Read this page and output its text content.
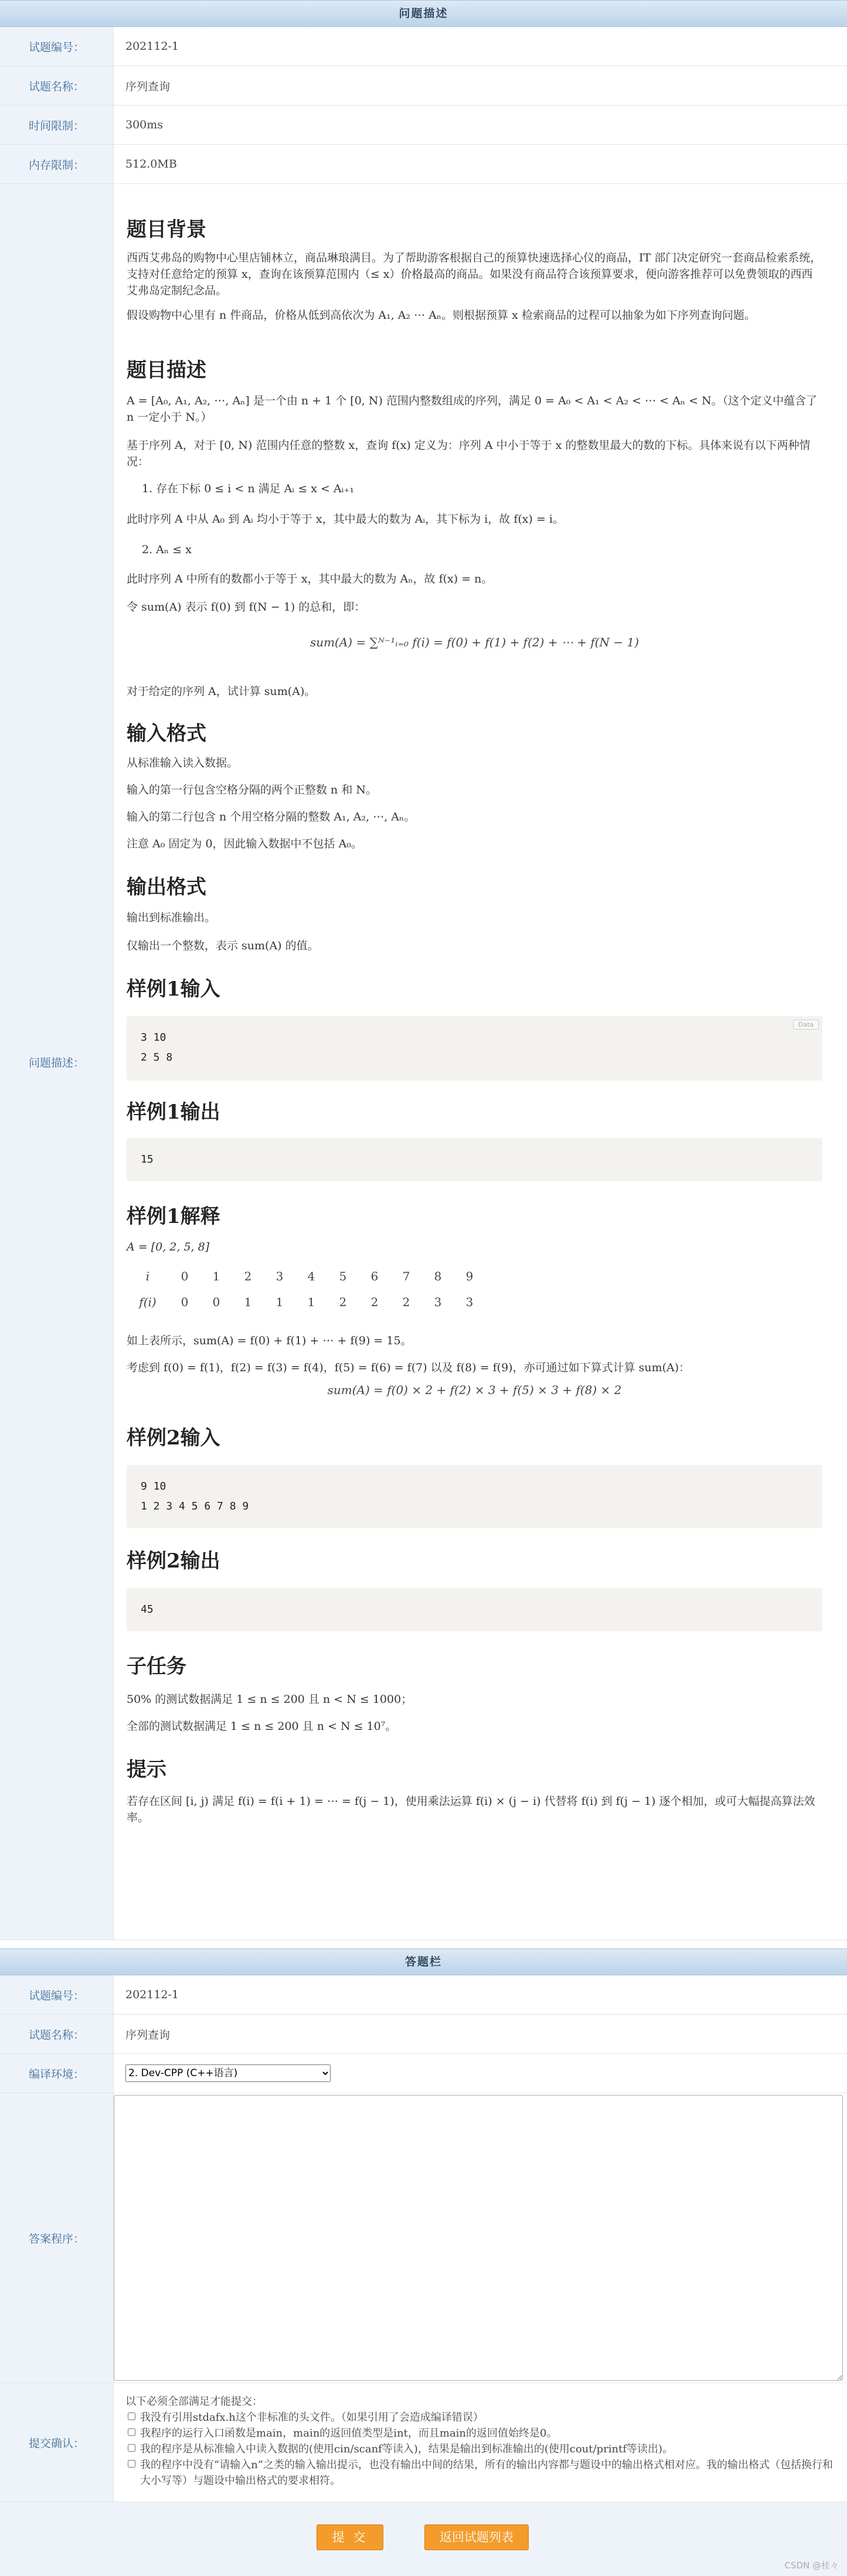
问题描述
试题编号：	202112-1
试题名称：	序列查询
时间限制：	300ms
内存限制：	512.0MB
问题描述：
题目背景
西西艾弗岛的购物中心里店铺林立，商品琳琅满目。为了帮助游客根据自己的预算快速选择心仪的商品，IT 部门决定研究一套商品检索系统，支持对任意给定的预算 x，查询在该预算范围内（≤ x）价格最高的商品。如果没有商品符合该预算要求，便向游客推荐可以免费领取的西西艾弗岛定制纪念品。
假设购物中心里有 n 件商品，价格从低到高依次为 A₁, A₂ ⋯ Aₙ。则根据预算 x 检索商品的过程可以抽象为如下序列查询问题。
题目描述
A = [A₀, A₁, A₂, ⋯, Aₙ] 是一个由 n + 1 个 [0, N) 范围内整数组成的序列，满足 0 = A₀ < A₁ < A₂ < ⋯ < Aₙ < N。（这个定义中蕴含了 n 一定小于 N。）
基于序列 A，对于 [0, N) 范围内任意的整数 x，查询 f(x) 定义为：序列 A 中小于等于 x 的整数里最大的数的下标。具体来说有以下两种情况：
1. 存在下标 0 ≤ i < n 满足 Aᵢ ≤ x < Aᵢ₊₁
此时序列 A 中从 A₀ 到 Aᵢ 均小于等于 x，其中最大的数为 Aᵢ，其下标为 i，故 f(x) = i。
2. Aₙ ≤ x
此时序列 A 中所有的数都小于等于 x，其中最大的数为 Aₙ，故 f(x) = n。
令 sum(A) 表示 f(0) 到 f(N − 1) 的总和，即：
sum(A) = ∑ᴺ⁻¹ᵢ₌₀ f(i) = f(0) + f(1) + f(2) + ⋯ + f(N − 1)
对于给定的序列 A，试计算 sum(A)。
输入格式
从标准输入读入数据。
输入的第一行包含空格分隔的两个正整数 n 和 N。
输入的第二行包含 n 个用空格分隔的整数 A₁, A₂, ⋯, Aₙ。
注意 A₀ 固定为 0，因此输入数据中不包括 A₀。
输出格式
输出到标准输出。
仅输出一个整数，表示 sum(A) 的值。
样例1输入
Data
3 10
2 5 8
样例1输出
15
样例1解释
A = [0, 2, 5, 8]
i	0	1	2	3	4	5	6	7	8	9
f(i)	0	0	1	1	1	2	2	2	3	3
如上表所示，sum(A) = f(0) + f(1) + ⋯ + f(9) = 15。
考虑到 f(0) = f(1)，f(2) = f(3) = f(4)，f(5) = f(6) = f(7) 以及 f(8) = f(9)，亦可通过如下算式计算 sum(A)：
sum(A) = f(0) × 2 + f(2) × 3 + f(5) × 3 + f(8) × 2
样例2输入
9 10
1 2 3 4 5 6 7 8 9
样例2输出
45
子任务
50% 的测试数据满足 1 ≤ n ≤ 200 且 n < N ≤ 1000；
全部的测试数据满足 1 ≤ n ≤ 200 且 n < N ≤ 10⁷。
提示
若存在区间 [i, j) 满足 f(i) = f(i + 1) = ⋯ = f(j − 1)，使用乘法运算 f(i) × (j − i) 代替将 f(i) 到 f(j − 1) 逐个相加，或可大幅提高算法效率。
答题栏
试题编号：	202112-1
试题名称：	序列查询
编译环境：
2. Dev-CPP (C++语言)
答案程序：
提交确认：
以下必须全部满足才能提交：
我没有引用stdafx.h这个非标准的头文件。（如果引用了会造成编译错误）
我程序的运行入口函数是main，main的返回值类型是int，而且main的返回值始终是0。
我的程序是从标准输入中读入数据的(使用cin/scanf等读入)，结果是输出到标准输出的(使用cout/printf等读出)。
我的程序中没有“请输入n”之类的输入输出提示，也没有输出中间的结果，所有的输出内容都与题设中的输出格式相对应。我的输出格式（包括换行和大小写等）与题设中输出格式的要求相符。
提 交	返回试题列表
CSDN @桂々
